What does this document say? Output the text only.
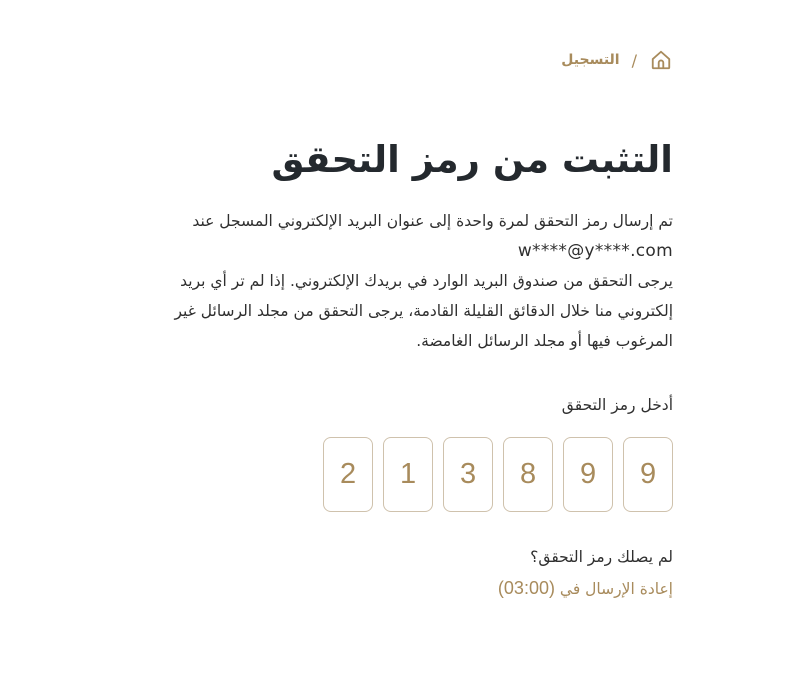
/
التسجيل
التثبت من رمز التحقق
تم إرسال رمز التحقق لمرة واحدة إلى عنوان البريد الإلكتروني المسجل عند
w****@y****.com
يرجى التحقق من صندوق البريد الوارد في بريدك الإلكتروني. إذا لم تر أي بريد إلكتروني منا خلال الدقائق القليلة القادمة، يرجى التحقق من مجلد الرسائل غير المرغوب فيها أو مجلد الرسائل الغامضة.
أدخل رمز التحقق
9
9
8
3
1
2
لم يصلك رمز التحقق؟
إعادة الإرسال في (03:00)
